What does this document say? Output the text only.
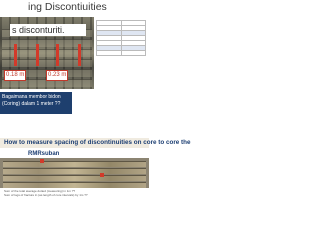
ing Discontiuities
s disconturiti.
0.18 m	0.23 m

Bagaimana membor bidon
(Coring) dalam 1 meter ??
How to measure spacing of discontinuities on core to core the
RMRsuban
Sum of the total average dotted (measuring) in 1m ??
Sum of logs of fracture in (as length of core intervals) by 1m ??
